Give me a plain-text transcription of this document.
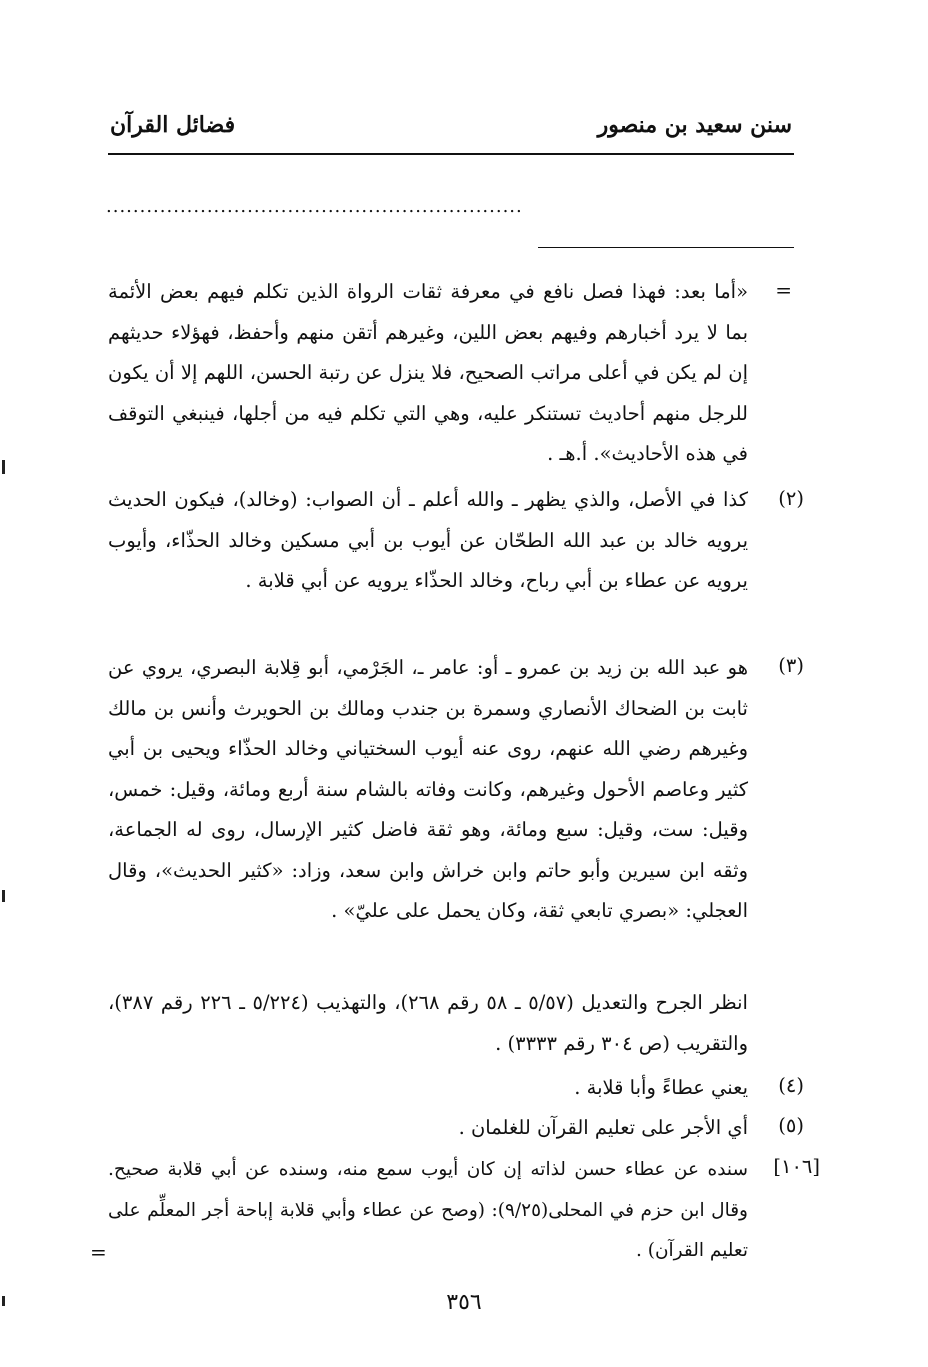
سنن سعيد بن منصور
فضائل القرآن
..............................................................
=
«أما بعد: فهذا فصل نافع في معرفة ثقات الرواة الذين تكلم فيهم بعض الأئمة بما لا يرد أخبارهم وفيهم بعض اللين، وغيرهم أتقن منهم وأحفظ، فهؤلاء حديثهم إن لم يكن في أعلى مراتب الصحيح، فلا ينزل عن رتبة الحسن، اللهم إلا أن يكون للرجل منهم أحاديث تستنكر عليه، وهي التي تكلم فيه من أجلها، فينبغي التوقف في هذه الأحاديث». أ.هـ .
(٢)
كذا في الأصل، والذي يظهر ـ والله أعلم ـ أن الصواب: (وخالد)، فيكون الحديث يرويه خالد بن عبد الله الطحّان عن أيوب بن أبي مسكين وخالد الحذّاء، وأيوب يرويه عن عطاء بن أبي رباح، وخالد الحذّاء يرويه عن أبي قلابة .
(٣)
هو عبد الله بن زيد بن عمرو ـ أو: عامر ـ، الجَرْمي، أبو قِلابة البصري، يروي عن ثابت بن الضحاك الأنصاري وسمرة بن جندب ومالك بن الحويرث وأنس بن مالك وغيرهم رضي الله عنهم، روى عنه أيوب السختياني وخالد الحذّاء ويحيى بن أبي كثير وعاصم الأحول وغيرهم، وكانت وفاته بالشام سنة أربع ومائة، وقيل: خمس، وقيل: ست، وقيل: سبع ومائة، وهو ثقة فاضل كثير الإرسال، روى له الجماعة، وثقه ابن سيرين وأبو حاتم وابن خراش وابن سعد، وزاد: «كثير الحديث»، وقال العجلي: «بصري تابعي ثقة، وكان يحمل على عليّ» .
انظر الجرح والتعديل (٥/٥٧ ـ ٥٨ رقم ٢٦٨)، والتهذيب (٥/٢٢٤ ـ ٢٢٦ رقم ٣٨٧)، والتقريب (ص ٣٠٤ رقم ٣٣٣٣) .
(٤)
يعني عطاءً وأبا قلابة .
(٥)
أي الأجر على تعليم القرآن للغلمان .
[١٠٦]
سنده عن عطاء حسن لذاته إن كان أيوب سمع منه، وسنده عن أبي قلابة صحيح. وقال ابن حزم في المحلى(٩/٢٥): (وصح عن عطاء وأبي قلابة إباحة أجر المعلِّم على تعليم القرآن) .
=
٣٥٦
